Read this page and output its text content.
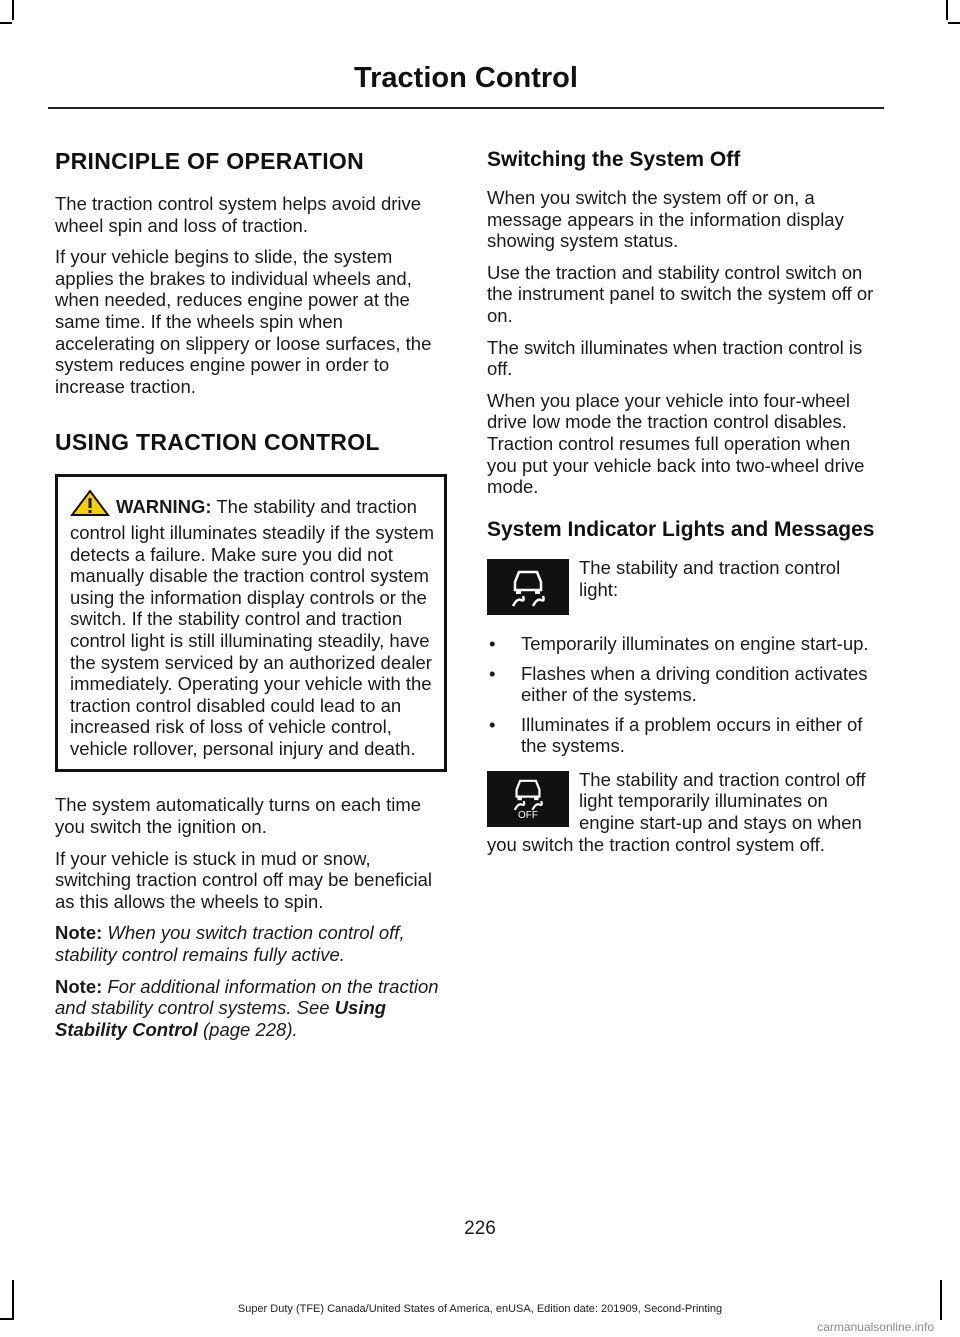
Traction Control
PRINCIPLE OF OPERATION

The traction control system helps avoid drive wheel spin and loss of traction.

If your vehicle begins to slide, the system applies the brakes to individual wheels and, when needed, reduces engine power at the same time. If the wheels spin when accelerating on slippery or loose surfaces, the system reduces engine power in order to increase traction.

USING TRACTION CONTROL
WARNING: The stability and traction control light illuminates steadily if the system detects a failure. Make sure you did not manually disable the traction control system using the information display controls or the switch. If the stability control and traction control light is still illuminating steadily, have the system serviced by an authorized dealer immediately. Operating your vehicle with the traction control disabled could lead to an increased risk of loss of vehicle control, vehicle rollover, personal injury and death.

The system automatically turns on each time you switch the ignition on.

If your vehicle is stuck in mud or snow, switching traction control off may be beneficial as this allows the wheels to spin.

Note: When you switch traction control off, stability control remains fully active.

Note: For additional information on the traction and stability control systems. See Using Stability Control (page 228).

Switching the System Off

When you switch the system off or on, a message appears in the information display showing system status.

Use the traction and stability control switch on the instrument panel to switch the system off or on.

The switch illuminates when traction control is off.

When you place your vehicle into four-wheel drive low mode the traction control disables. Traction control resumes full operation when you put your vehicle back into two-wheel drive mode.

System Indicator Lights and Messages
The stability and traction control light:
• Temporarily illuminates on engine start-up.
• Flashes when a driving condition activates either of the systems.
• Illuminates if a problem occurs in either of the systems.
OFF
The stability and traction control off light temporarily illuminates on engine start-up and stays on when you switch the traction control system off.
226
Super Duty (TFE) Canada/United States of America, enUSA, Edition date: 201909, Second-Printing
carmanualsonline.info
